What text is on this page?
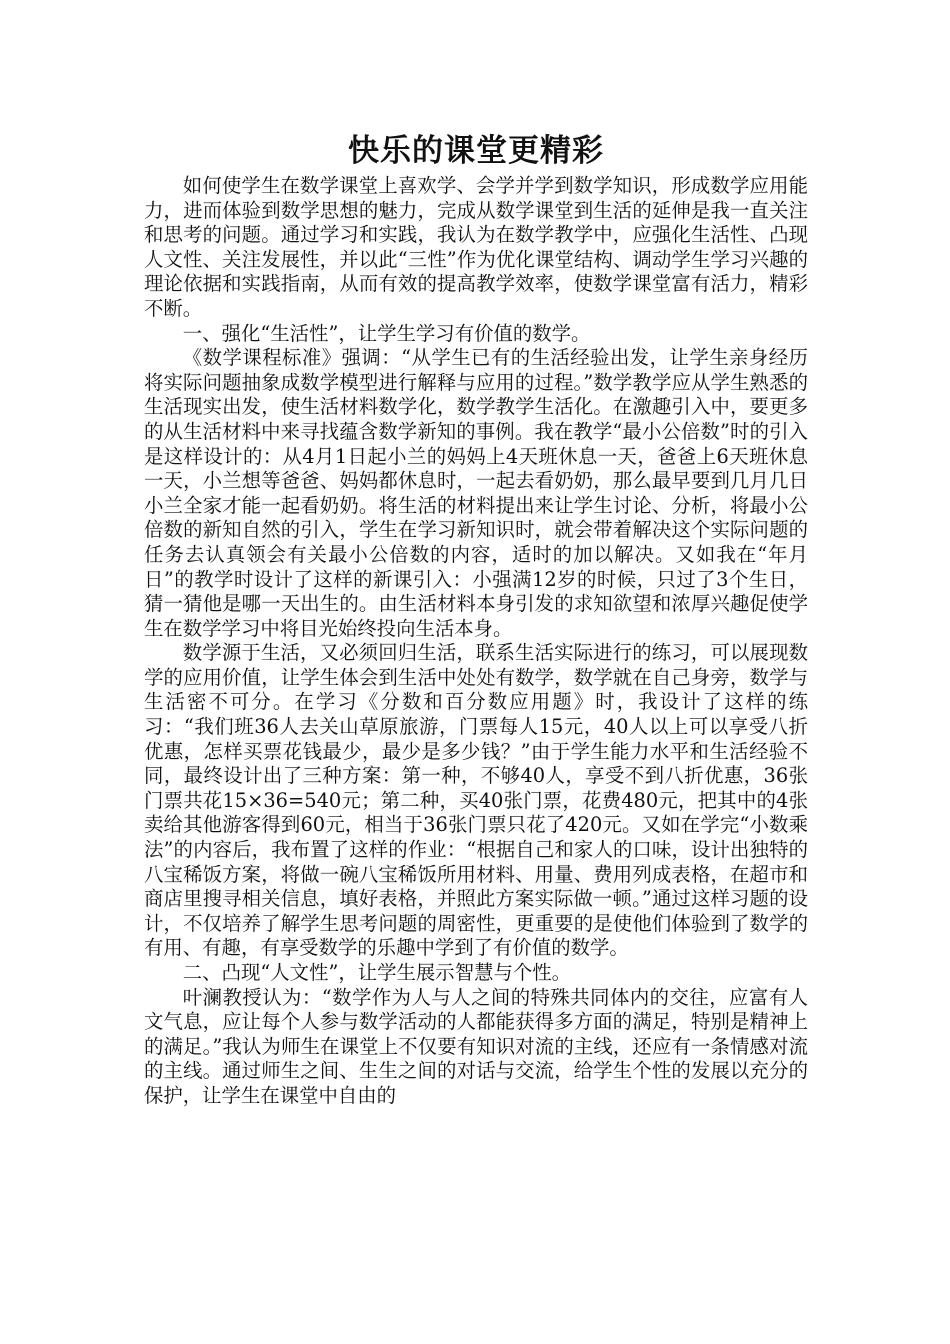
快乐的课堂更精彩

如何使学生在数学课堂上喜欢学、会学并学到数学知识，形成数学应用能力，进而体验到数学思想的魅力，完成从数学课堂到生活的延伸是我一直关注和思考的问题。通过学习和实践，我认为在数学教学中，应强化生活性、凸现人文性、关注发展性，并以此“三性”作为优化课堂结构、调动学生学习兴趣的理论依据和实践指南，从而有效的提高教学效率，使数学课堂富有活力，精彩不断。

一、强化“生活性”，让学生学习有价值的数学。

《数学课程标准》强调：“从学生已有的生活经验出发，让学生亲身经历将实际问题抽象成数学模型进行解释与应用的过程。”数学教学应从学生熟悉的生活现实出发，使生活材料数学化，数学教学生活化。在激趣引入中，要更多的从生活材料中来寻找蕴含数学新知的事例。我在教学“最小公倍数”时的引入是这样设计的：从4月1日起小兰的妈妈上4天班休息一天，爸爸上6天班休息一天，小兰想等爸爸、妈妈都休息时，一起去看奶奶，那么最早要到几月几日小兰全家才能一起看奶奶。将生活的材料提出来让学生讨论、分析，将最小公倍数的新知自然的引入，学生在学习新知识时，就会带着解决这个实际问题的任务去认真领会有关最小公倍数的内容，适时的加以解决。又如我在“年月日”的教学时设计了这样的新课引入：小强满12岁的时候，只过了3个生日，猜一猜他是哪一天出生的。由生活材料本身引发的求知欲望和浓厚兴趣促使学生在数学学习中将目光始终投向生活本身。

数学源于生活，又必须回归生活，联系生活实际进行的练习，可以展现数学的应用价值，让学生体会到生活中处处有数学，数学就在自己身旁，数学与生活密不可分。在学习《分数和百分数应用题》时，我设计了这样的练习：“我们班36人去关山草原旅游，门票每人15元，40人以上可以享受八折优惠，怎样买票花钱最少，最少是多少钱？”由于学生能力水平和生活经验不同，最终设计出了三种方案：第一种，不够40人，享受不到八折优惠，36张门票共花15×36=540元；第二种，买40张门票，花费480元，把其中的4张卖给其他游客得到60元，相当于36张门票只花了420元。又如在学完“小数乘法”的内容后，我布置了这样的作业：“根据自己和家人的口味，设计出独特的八宝稀饭方案，将做一碗八宝稀饭所用材料、用量、费用列成表格，在超市和商店里搜寻相关信息，填好表格，并照此方案实际做一顿。”通过这样习题的设计，不仅培养了解学生思考问题的周密性，更重要的是使他们体验到了数学的有用、有趣，有享受数学的乐趣中学到了有价值的数学。

二、凸现“人文性”，让学生展示智慧与个性。

叶澜教授认为：“数学作为人与人之间的特殊共同体内的交往，应富有人文气息，应让每个人参与数学活动的人都能获得多方面的满足，特别是精神上的满足。”我认为师生在课堂上不仅要有知识对流的主线，还应有一条情感对流的主线。通过师生之间、生生之间的对话与交流，给学生个性的发展以充分的保护，让学生在课堂中自由的
